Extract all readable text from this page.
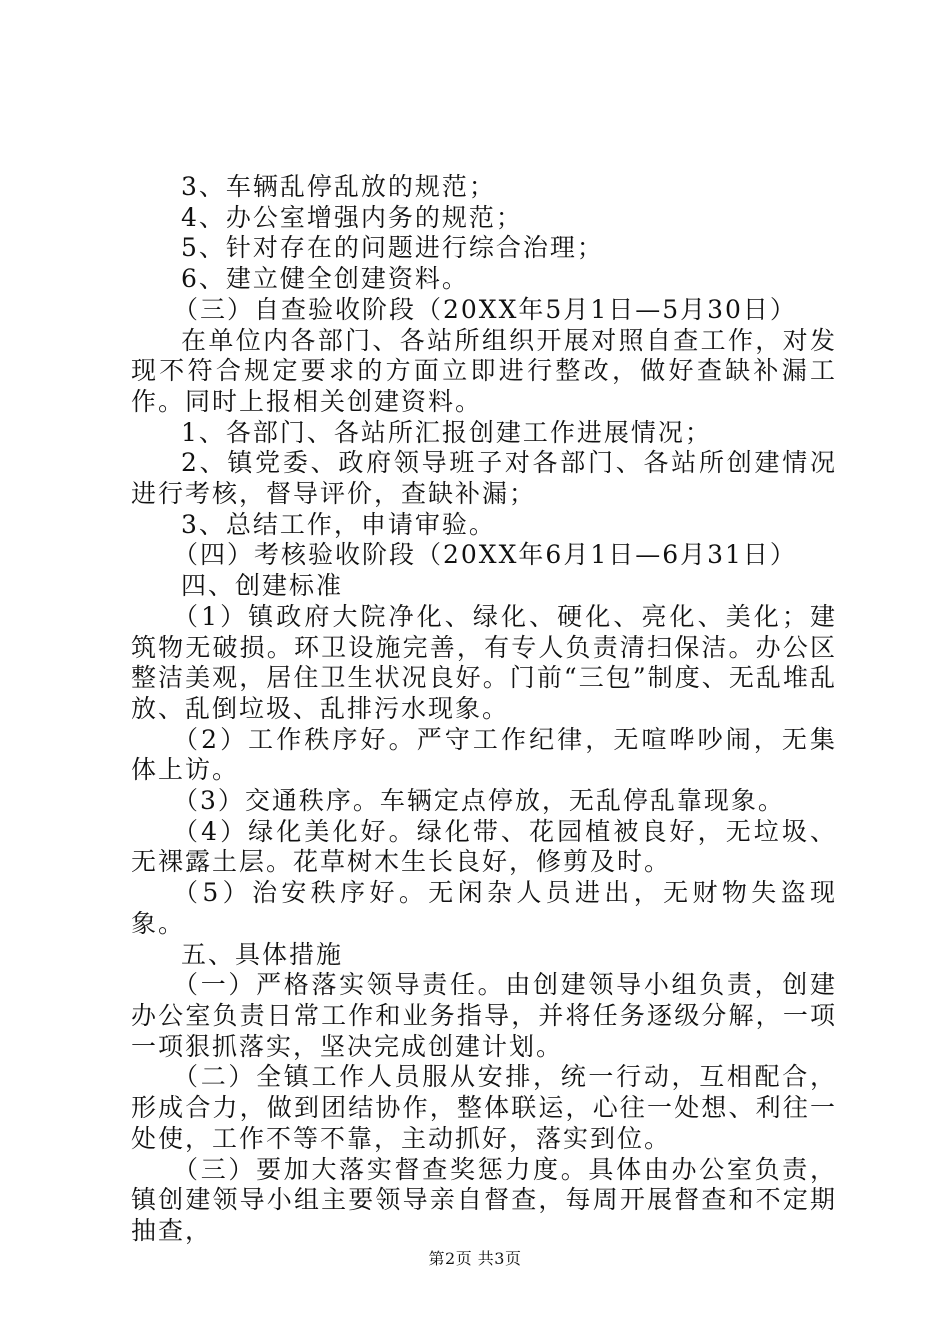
3、车辆乱停乱放的规范；

4、办公室增强内务的规范；

5、针对存在的问题进行综合治理；

6、建立健全创建资料。

（三）自查验收阶段（20XX年5月1日—5月30日）

在单位内各部门、各站所组织开展对照自查工作，对发现不符合规定要求的方面立即进行整改，做好查缺补漏工作。同时上报相关创建资料。

1、各部门、各站所汇报创建工作进展情况；

2、镇党委、政府领导班子对各部门、各站所创建情况进行考核，督导评价，查缺补漏；

3、总结工作，申请审验。

（四）考核验收阶段（20XX年6月1日—6月31日）

四、创建标准

（1）镇政府大院净化、绿化、硬化、亮化、美化；建筑物无破损。环卫设施完善，有专人负责清扫保洁。办公区整洁美观，居住卫生状况良好。门前“三包”制度、无乱堆乱放、乱倒垃圾、乱排污水现象。

（2）工作秩序好。严守工作纪律，无喧哗吵闹，无集体上访。

（3）交通秩序。车辆定点停放，无乱停乱靠现象。

（4）绿化美化好。绿化带、花园植被良好，无垃圾、无裸露土层。花草树木生长良好，修剪及时。

（5）治安秩序好。无闲杂人员进出，无财物失盗现象。

五、具体措施

（一）严格落实领导责任。由创建领导小组负责，创建办公室负责日常工作和业务指导，并将任务逐级分解，一项一项狠抓落实，坚决完成创建计划。

（二）全镇工作人员服从安排，统一行动，互相配合，形成合力，做到团结协作，整体联运，心往一处想、利往一处使，工作不等不靠，主动抓好，落实到位。

（三）要加大落实督查奖惩力度。具体由办公室负责，镇创建领导小组主要领导亲自督查，每周开展督查和不定期抽查，

第2页 共3页
